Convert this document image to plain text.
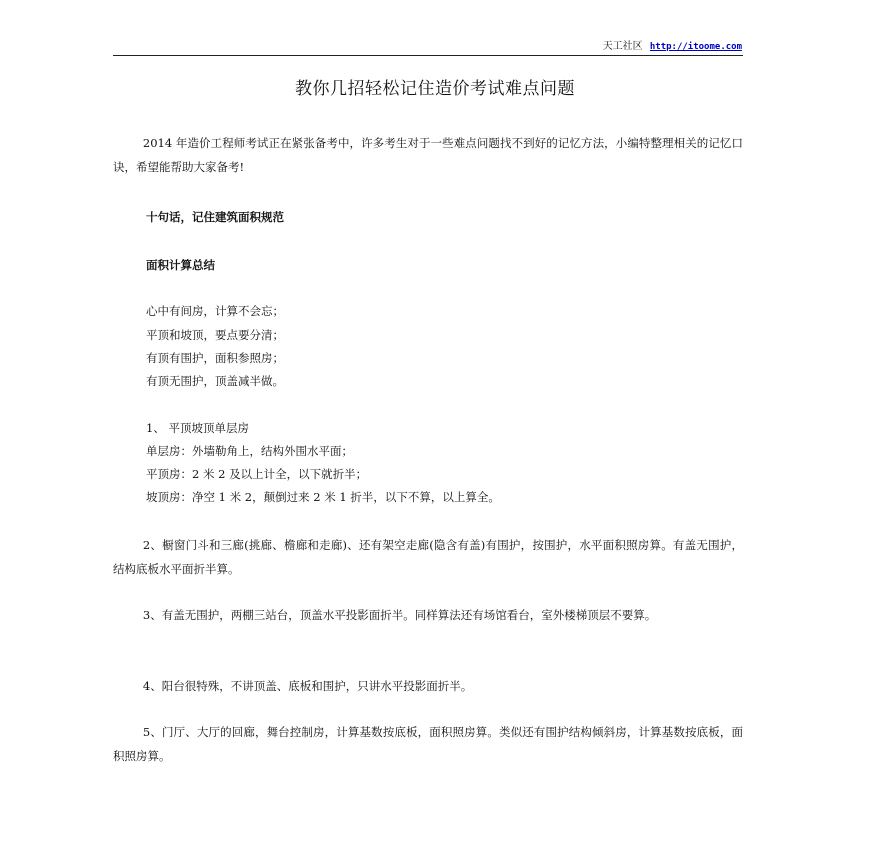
天工社区 http://itoome.com
教你几招轻松记住造价考试难点问题

2014 年造价工程师考试正在紧张备考中，许多考生对于一些难点问题找不到好的记忆方法，小编特整理相关的记忆口诀，希望能帮助大家备考!

十句话，记住建筑面积规范
面积计算总结
心中有间房，计算不会忘；
平顶和坡顶，要点要分清；
有顶有围护，面积参照房；
有顶无围护，顶盖减半做。
1、 平顶坡顶单层房
单层房：外墙勒角上，结构外围水平面；
平顶房：2 米 2 及以上计全，以下就折半；
坡顶房：净空 1 米 2，颠倒过来 2 米 1 折半，以下不算，以上算全。

2、橱窗门斗和三廊(挑廊、檐廊和走廊)、还有架空走廊(隐含有盖)有围护，按围护，水平面积照房算。有盖无围护，结构底板水平面折半算。

3、有盖无围护，两棚三站台，顶盖水平投影面折半。同样算法还有场馆看台，室外楼梯顶层不要算。

4、阳台很特殊，不讲顶盖、底板和围护，只讲水平投影面折半。

5、门厅、大厅的回廊，舞台控制房，计算基数按底板，面积照房算。类似还有围护结构倾斜房，计算基数按底板，面积照房算。
